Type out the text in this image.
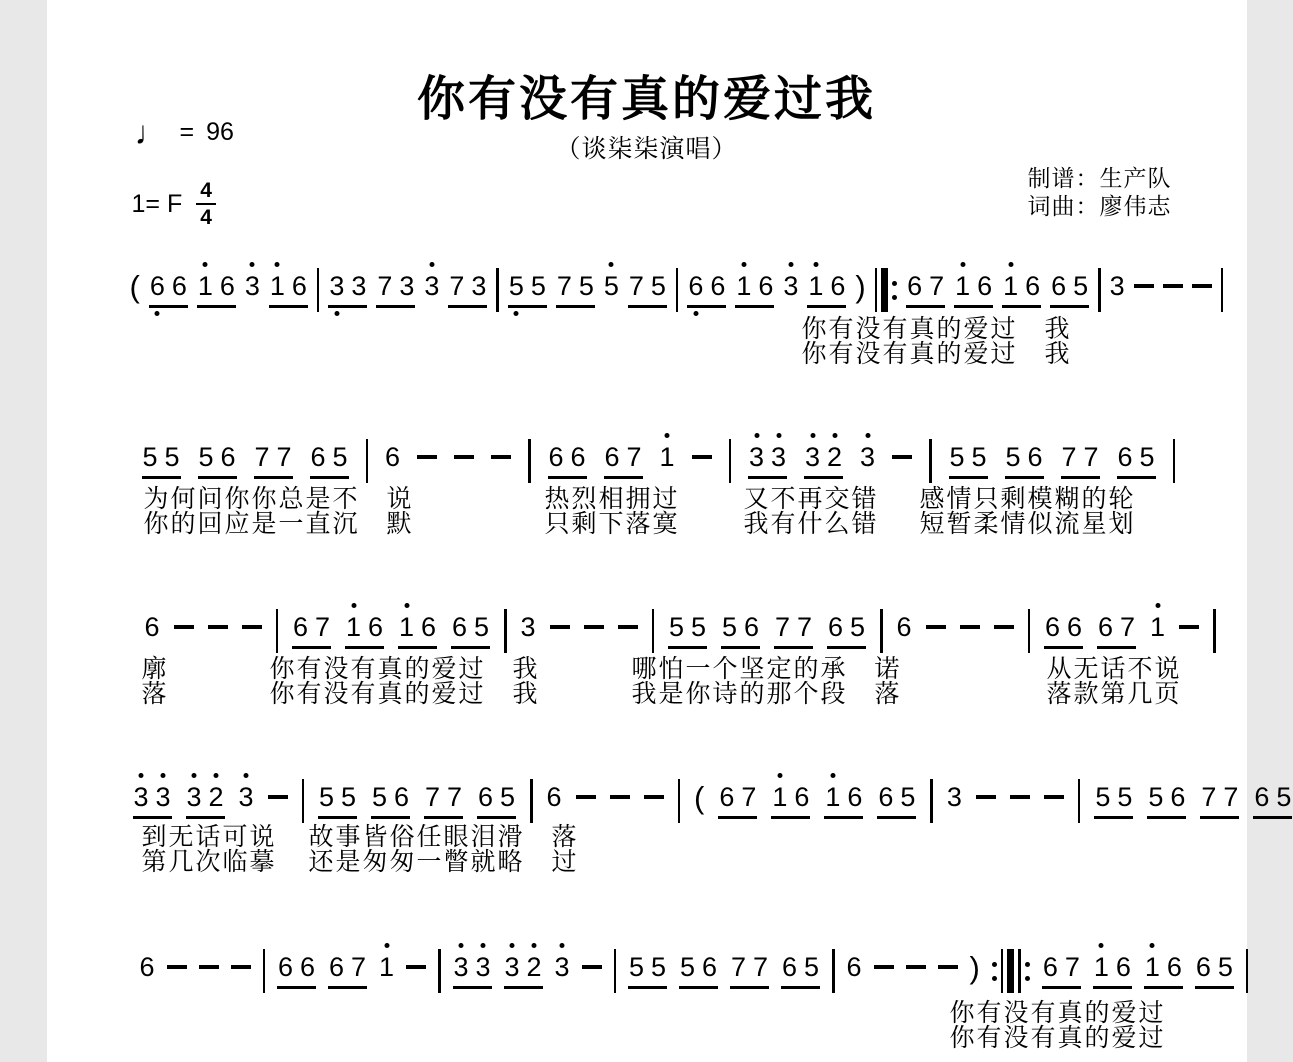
你有没有真的爱过我
（谈柒柒演唱）
♩ = 96
1= F $\frac{4}{4}$
制谱：生产队
词曲：廖伟志
( 6 6 1 6 3 1 6 3 3 7 3 3 7 3 5 5 7 5 5 7 5 6 6 1 6 3 1 6 ) 6 7 1 6 1 6 6 5 3
你有没有真的爱过　我
你有没有真的爱过　我
5 5 5 6 7 7 6 5 6	6 6 6 7 1	3 3 3 2 3	5 5 5 6 7 7 6 5
为何问你你总是不　说	热烈相拥过	又不再交错 感情只剩模糊的轮
你的回应是一直沉　默	只剩下落寞	我有什么错 短暂柔情似流星划
6	6 7 1 6 1 6 6 5 3	5 5 5 6 7 7 6 5 6	6 6 6 7 1
廓	你有没有真的爱过　我	哪怕一个坚定的承　诺	从无话不说
落	你有没有真的爱过　我	我是你诗的那个段　落	落款第几页
3 3 3 2 3 5 5 5 6 7 7 6 5 6	( 6 7 1 6 1 6 6 5 3	5 5 5 6 7 7 6 5
到无话可说 故事皆俗任眼泪滑　落
第几次临摹 还是匆匆一瞥就略　过
6	6 6 6 7 1 3 3 3 2 3 5 5 5 6 7 7 6 5 6	) 6 7 1 6 1 6 6 5
你有没有真的爱过
你有没有真的爱过
